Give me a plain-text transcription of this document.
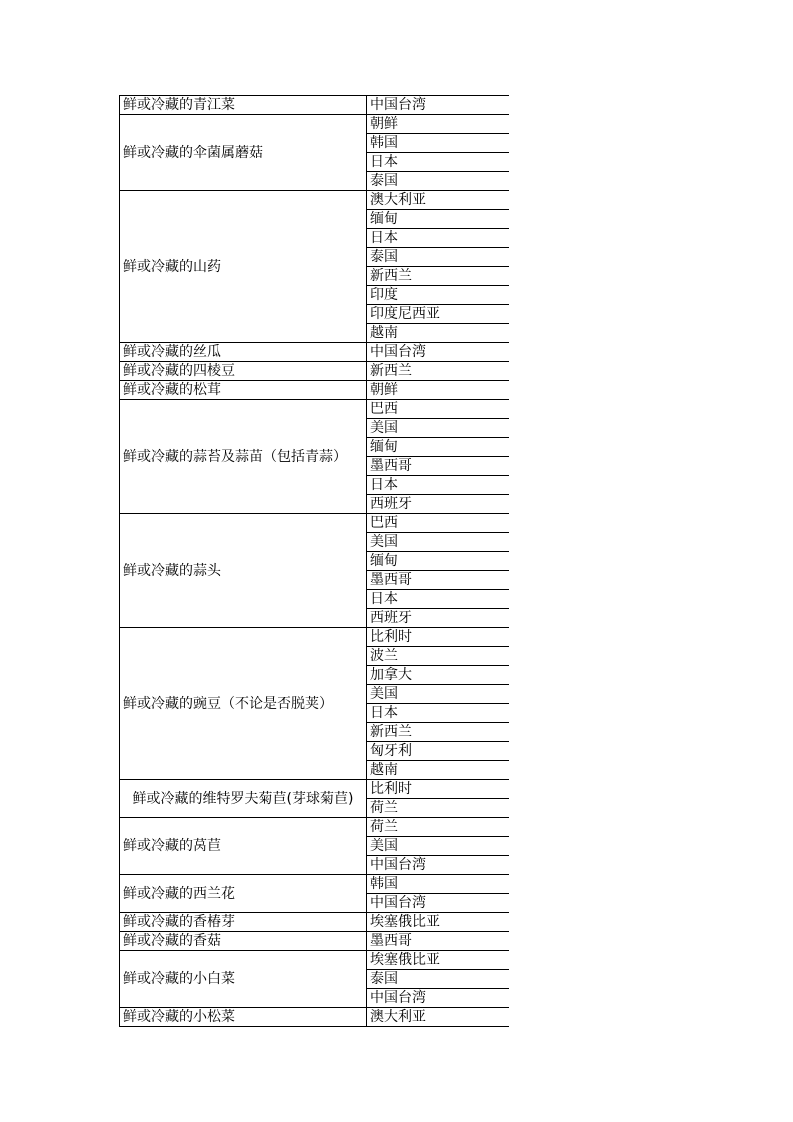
鲜或冷藏的青江菜	中国台湾
鲜或冷藏的伞菌属蘑菇	朝鲜
	韩国
	日本
	泰国
鲜或冷藏的山药	澳大利亚
	缅甸
	日本
	泰国
	新西兰
	印度
	印度尼西亚
	越南
鲜或冷藏的丝瓜	中国台湾
鲜或冷藏的四棱豆	新西兰
鲜或冷藏的松茸	朝鲜
鲜或冷藏的蒜苔及蒜苗（包括青蒜）	巴西
	美国
	缅甸
	墨西哥
	日本
	西班牙
鲜或冷藏的蒜头	巴西
	美国
	缅甸
	墨西哥
	日本
	西班牙
鲜或冷藏的豌豆（不论是否脱荚）	比利时
	波兰
	加拿大
	美国
	日本
	新西兰
	匈牙利
	越南
鲜或冷藏的维特罗夫菊苣(芽球菊苣)	比利时
	荷兰
鲜或冷藏的莴苣	荷兰
	美国
	中国台湾
鲜或冷藏的西兰花	韩国
	中国台湾
鲜或冷藏的香椿芽	埃塞俄比亚
鲜或冷藏的香菇	墨西哥
鲜或冷藏的小白菜	埃塞俄比亚
	泰国
	中国台湾
鲜或冷藏的小松菜	澳大利亚
